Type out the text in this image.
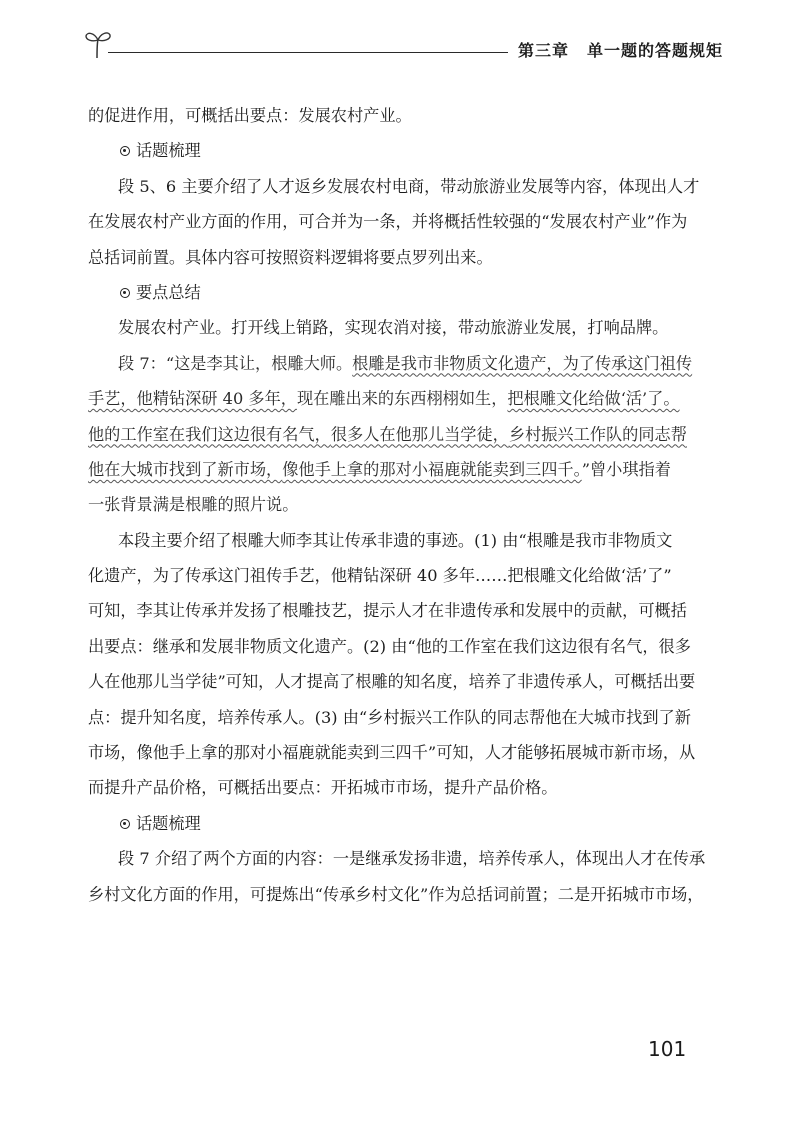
第三章 单一题的答题规矩
的促进作用，可概括出要点：发展农村产业。
话题梳理
段 5、6 主要介绍了人才返乡发展农村电商，带动旅游业发展等内容，体现出人才
在发展农村产业方面的作用，可合并为一条，并将概括性较强的“发展农村产业”作为
总括词前置。具体内容可按照资料逻辑将要点罗列出来。
要点总结
发展农村产业。打开线上销路，实现农消对接，带动旅游业发展，打响品牌。
段 7：“这是李其让，根雕大师。根雕是我市非物质文化遗产，为了传承这门祖传
手艺，他精钻深研 40 多年，现在雕出来的东西栩栩如生，把根雕文化给做‘活’了。
他的工作室在我们这边很有名气，很多人在他那儿当学徒，乡村振兴工作队的同志帮
他在大城市找到了新市场，像他手上拿的那对小福鹿就能卖到三四千。”曾小琪指着
一张背景满是根雕的照片说。
本段主要介绍了根雕大师李其让传承非遗的事迹。(1) 由“根雕是我市非物质文
化遗产，为了传承这门祖传手艺，他精钻深研 40 多年……把根雕文化给做‘活’了”
可知，李其让传承并发扬了根雕技艺，提示人才在非遗传承和发展中的贡献，可概括
出要点：继承和发展非物质文化遗产。(2) 由“他的工作室在我们这边很有名气，很多
人在他那儿当学徒”可知，人才提高了根雕的知名度，培养了非遗传承人，可概括出要
点：提升知名度，培养传承人。(3) 由“乡村振兴工作队的同志帮他在大城市找到了新
市场，像他手上拿的那对小福鹿就能卖到三四千”可知，人才能够拓展城市新市场，从
而提升产品价格，可概括出要点：开拓城市市场，提升产品价格。
话题梳理
段 7 介绍了两个方面的内容：一是继承发扬非遗，培养传承人，体现出人才在传承
乡村文化方面的作用，可提炼出“传承乡村文化”作为总括词前置；二是开拓城市市场，
101
